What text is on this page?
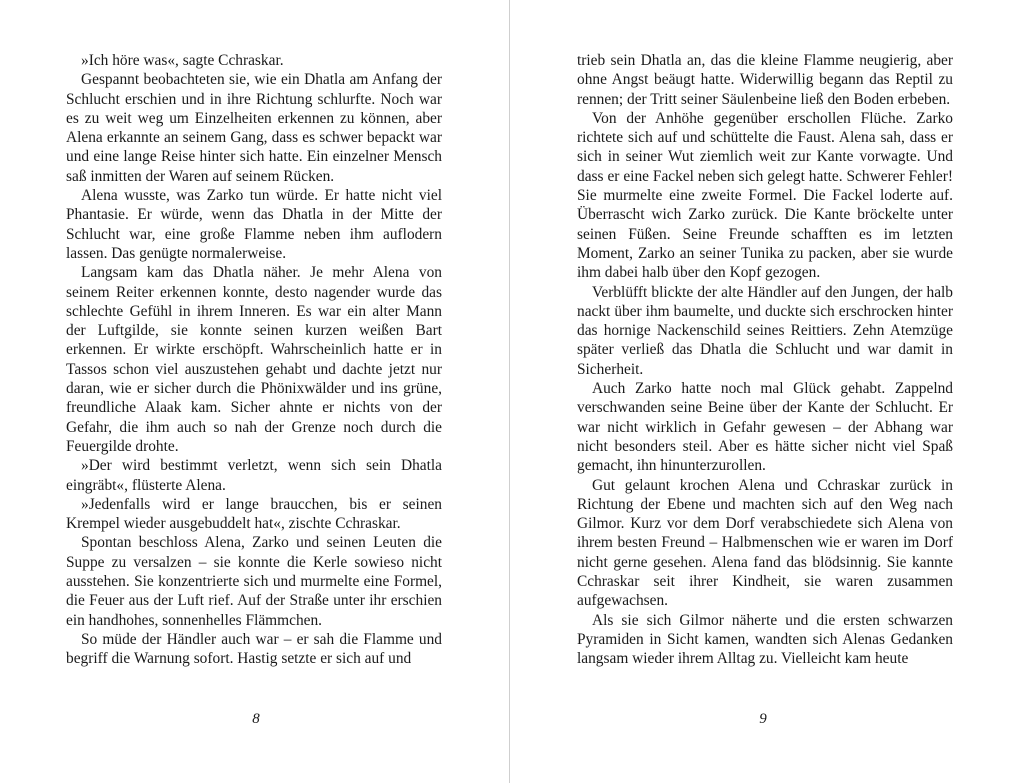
»Ich höre was«, sagte Cchraskar.

Gespannt beobachteten sie, wie ein Dhatla am Anfang der Schlucht erschien und in ihre Richtung schlurfte. Noch war es zu weit weg um Einzelheiten erkennen zu können, aber Alena erkannte an seinem Gang, dass es schwer bepackt war und eine lange Reise hinter sich hatte. Ein einzelner Mensch saß inmitten der Waren auf seinem Rücken.

Alena wusste, was Zarko tun würde. Er hatte nicht viel Phantasie. Er würde, wenn das Dhatla in der Mitte der Schlucht war, eine große Flamme neben ihm auflodern lassen. Das genügte normalerweise.

Langsam kam das Dhatla näher. Je mehr Alena von seinem Reiter erkennen konnte, desto nagender wurde das schlechte Gefühl in ihrem Inneren. Es war ein alter Mann der Luftgilde, sie konnte seinen kurzen weißen Bart erkennen. Er wirkte erschöpft. Wahrscheinlich hatte er in Tassos schon viel auszustehen gehabt und dachte jetzt nur daran, wie er sicher durch die Phönixwälder und ins grüne, freundliche Alaak kam. Sicher ahnte er nichts von der Gefahr, die ihm auch so nah der Grenze noch durch die Feuergilde drohte.

»Der wird bestimmt verletzt, wenn sich sein Dhatla eingräbt«, flüsterte Alena.

»Jedenfalls wird er lange braucchen, bis er seinen Krempel wieder ausgebuddelt hat«, zischte Cchraskar.

Spontan beschloss Alena, Zarko und seinen Leuten die Suppe zu versalzen – sie konnte die Kerle sowieso nicht ausstehen. Sie konzentrierte sich und murmelte eine Formel, die Feuer aus der Luft rief. Auf der Straße unter ihr erschien ein handhohes, sonnenhelles Flämmchen.

So müde der Händler auch war – er sah die Flamme und begriff die Warnung sofort. Hastig setzte er sich auf und

8

trieb sein Dhatla an, das die kleine Flamme neugierig, aber ohne Angst beäugt hatte. Widerwillig begann das Reptil zu rennen; der Tritt seiner Säulenbeine ließ den Boden erbeben.

Von der Anhöhe gegenüber erschollen Flüche. Zarko richtete sich auf und schüttelte die Faust. Alena sah, dass er sich in seiner Wut ziemlich weit zur Kante vorwagte. Und dass er eine Fackel neben sich gelegt hatte. Schwerer Fehler! Sie murmelte eine zweite Formel. Die Fackel loderte auf. Überrascht wich Zarko zurück. Die Kante bröckelte unter seinen Füßen. Seine Freunde schafften es im letzten Moment, Zarko an seiner Tunika zu packen, aber sie wurde ihm dabei halb über den Kopf gezogen.

Verblüfft blickte der alte Händler auf den Jungen, der halb nackt über ihm baumelte, und duckte sich erschrocken hinter das hornige Nackenschild seines Reittiers. Zehn Atemzüge später verließ das Dhatla die Schlucht und war damit in Sicherheit.

Auch Zarko hatte noch mal Glück gehabt. Zappelnd verschwanden seine Beine über der Kante der Schlucht. Er war nicht wirklich in Gefahr gewesen – der Abhang war nicht besonders steil. Aber es hätte sicher nicht viel Spaß gemacht, ihn hinunterzurollen.

Gut gelaunt krochen Alena und Cchraskar zurück in Richtung der Ebene und machten sich auf den Weg nach Gilmor. Kurz vor dem Dorf verabschiedete sich Alena von ihrem besten Freund – Halbmenschen wie er waren im Dorf nicht gerne gesehen. Alena fand das blödsinnig. Sie kannte Cchraskar seit ihrer Kindheit, sie waren zusammen aufgewachsen.

Als sie sich Gilmor näherte und die ersten schwarzen Pyramiden in Sicht kamen, wandten sich Alenas Gedanken langsam wieder ihrem Alltag zu. Vielleicht kam heute

9
